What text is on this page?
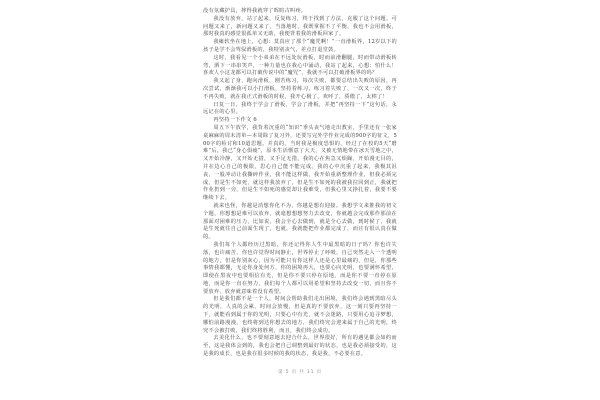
没有氛藏护具，摔得我就穿了晖暄古叫疼。

我没有放弃，站了起来，反复练习，终于找到了方法，克服了这个问题。可问题又来了，新问题又来了，当落地时，我既掌握不了平衡，我也不会用滑板，那时我真的感觉很孤单又无助，我便背着我的滑板回家了。

我瘫软坐在地上，心想：莫真应了那个“魔咒啊！”一直滑板界，12岁以下的孩子是学不会驾驭滑板的，我特别丧气，差点打退堂鼓。

这时，我看见一个小弟弟在不远处玩滑板，时而前滑翻腿，时而带动滑板转弯，洒下一串串笑声，一种力量也在我心中涌动，我站了起来，心想：怕什么！喜欢人小这龙都可以打破传说中的“魔咒”，我就不可以打破滑板界的吗？

我又起了身，跑向滑板，刚苦练习，每次失败，都要总结出失败的原因，再次尝试，渐渐我可以小打滑板，坚持着练习，练习着失败了，一次又一次，终于不再失败，就在我正式滑板的时候，我开心极了，欢呼了，骄傲了，太棒了！

日复一日，我终于学会了滑板，学会了滑板，并把“再坚持一下”这句话，永远记在的心里。

再坚持一下作文 6

周五下午放学，我背着沉重的“知识”垂头丧气地走出教室，手里还有一张家桌麻麻的周末清单—本周除了复习外，还要写完外学作业完成的900字的征文，500字的检讨和10道思题。并真的，当时我是极度恐惧的，经过了在校的5天“磨难”后，我已“身心俱疲”，原本生活惬意了大天，又被无情地带在冰天雪地之中，又开始冷静，又开始无措，又手足无措，我的心在焦急又烦躁，开始漫无目的，并在边心自己的极限，思心自己能不能完成。我的心中沉重了起来，我极其沮丧，一股冲动让我撕碎作业，我不能这样做，我开始重新整理作业，但我必须完成，但是生不如死，就这样我放弃了，但是生不如死的我被我拉回到正，我就把作业扔到一旁，但是生不如死的感觉却让我难受，但我心里又挣扎着，我要不要继续下去。

就来也怪，你越是消想你化不为，你越是想有迎接。我想学文来推我的初文个题，你想想是难可以放弃，就毫想想想努力去改变，你就越会完成那作那前在那面对困难的压力，比如说，我会全心去做到，就是全心去做，到时候了，我就是生死就往自己前面生现了，也就，我就能把作业都完成了，而且有很认真在做的。

我们每个人都经历过黑暗，你还记得你人生中最黑暗的日子吗？你也许失落，也许痛苦，你也许觉得时间静止，世界停止了呼吸，自己突然走入一个透明的地方，但是你别灰心，因为可能只有你这样人还是心里最痛的，但是，你那些事情我都懂，无论你身处何方，你的困境再大，也要心向光明，也要满怀希望，即使在黑夜中也要相信有光，但是你不要只停在原地，而是你不要一直停在原地，而是你一直在努力，我们每个人都可以用希望和坚持去改变一切，而且你不要放弃，放弃就意味着没有希望。

但是我们都不是一个人，时间会帮助我们走出困境，我们终会遇到黑暗尽头的光明，人真的会累，时间会放慢，但是真的不要放弃，这一刻只要再坚持一下，就能看到属于你的光明，只要心中有光，就不会迷路，只要用心追寻梦想，哪怕前路漫漫，也终将到达你想去的地方，我们终究会迎来属于自己的光明，终究不会被打败，我们终将胜利，而且，我们终会成功。

去美化什么，也不要刻意地去迎合什么，世界很好，所有的遇见都会如约而至，这是我体会到的，我也会把自己调整到最好的状态，也是我必须接受的，这是我的成长，也是我在很多时候的我的状态，我是我，不必要在意。

第 5 页 共 11 页
